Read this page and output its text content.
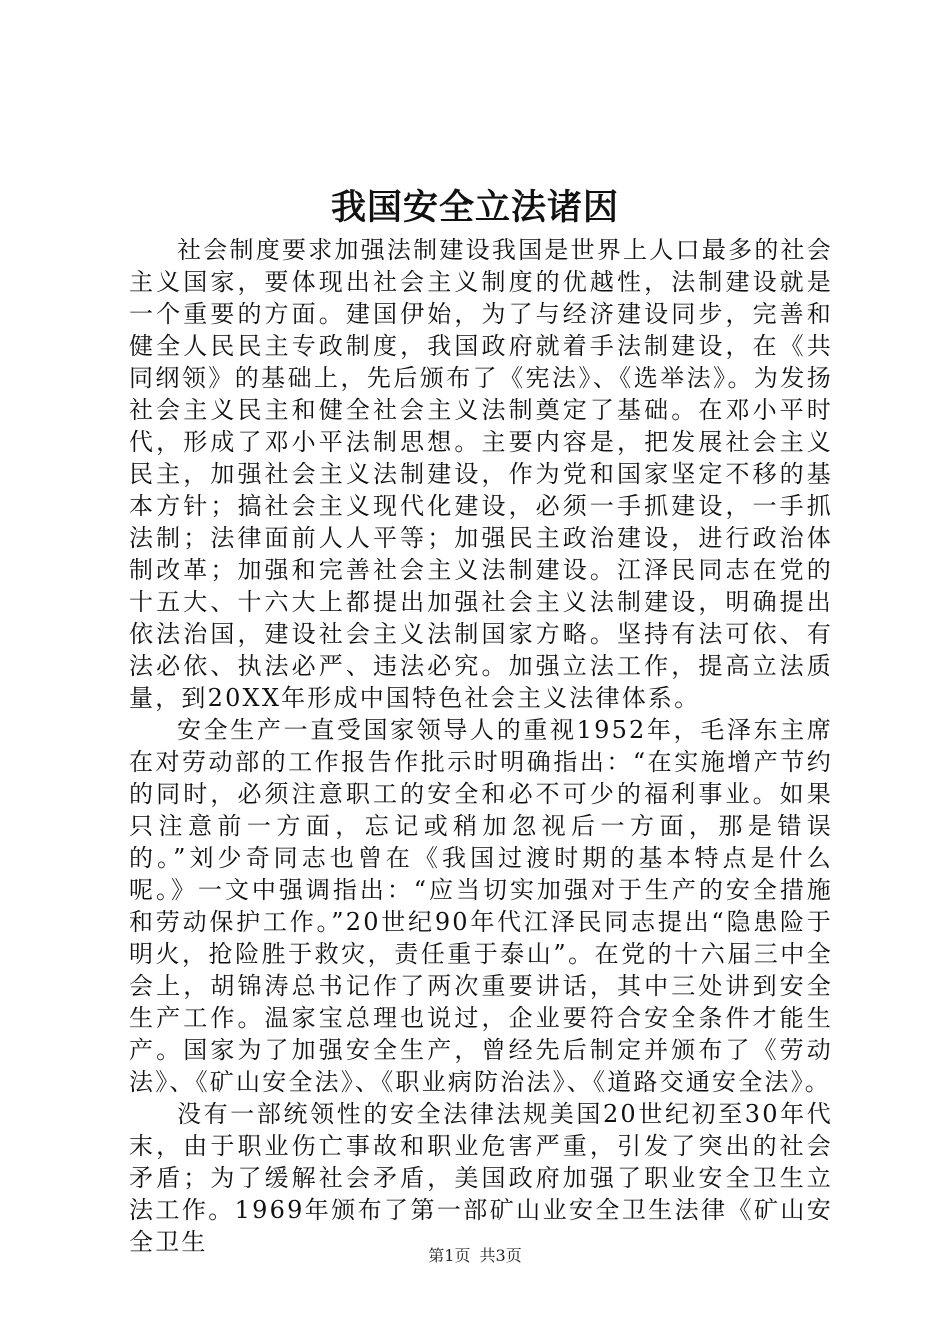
我国安全立法诸因

社会制度要求加强法制建设我国是世界上人口最多的社会主义国家，要体现出社会主义制度的优越性，法制建设就是一个重要的方面。建国伊始，为了与经济建设同步，完善和健全人民民主专政制度，我国政府就着手法制建设，在《共同纲领》的基础上，先后颁布了《宪法》、《选举法》。为发扬社会主义民主和健全社会主义法制奠定了基础。在邓小平时代，形成了邓小平法制思想。主要内容是，把发展社会主义民主，加强社会主义法制建设，作为党和国家坚定不移的基本方针；搞社会主义现代化建设，必须一手抓建设，一手抓法制；法律面前人人平等；加强民主政治建设，进行政治体制改革；加强和完善社会主义法制建设。江泽民同志在党的十五大、十六大上都提出加强社会主义法制建设，明确提出依法治国，建设社会主义法制国家方略。坚持有法可依、有法必依、执法必严、违法必究。加强立法工作，提高立法质量，到20XX年形成中国特色社会主义法律体系。

安全生产一直受国家领导人的重视1952年，毛泽东主席在对劳动部的工作报告作批示时明确指出：“在实施增产节约的同时，必须注意职工的安全和必不可少的福利事业。如果只注意前一方面，忘记或稍加忽视后一方面，那是错误的。”刘少奇同志也曾在《我国过渡时期的基本特点是什么呢。》一文中强调指出：“应当切实加强对于生产的安全措施和劳动保护工作。”20世纪90年代江泽民同志提出“隐患险于明火，抢险胜于救灾，责任重于泰山”。在党的十六届三中全会上，胡锦涛总书记作了两次重要讲话，其中三处讲到安全生产工作。温家宝总理也说过，企业要符合安全条件才能生产。国家为了加强安全生产，曾经先后制定并颁布了《劳动法》、《矿山安全法》、《职业病防治法》、《道路交通安全法》。

没有一部统领性的安全法律法规美国20世纪初至30年代末，由于职业伤亡事故和职业危害严重，引发了突出的社会矛盾；为了缓解社会矛盾，美国政府加强了职业安全卫生立法工作。1969年颁布了第一部矿山业安全卫生法律《矿山安全卫生	第1页 共3页
